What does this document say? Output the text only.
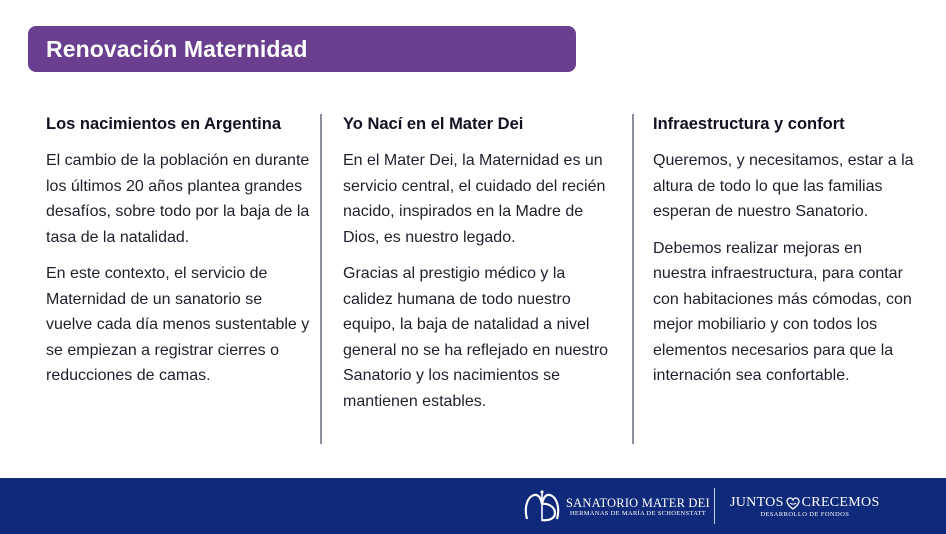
Renovación Maternidad
Los nacimientos en Argentina

El cambio de la población en durante los últimos 20 años plantea grandes desafíos, sobre todo por la baja de la tasa de la natalidad.

En este contexto, el servicio de Maternidad de un sanatorio se vuelve cada día menos sustentable y se empiezan a registrar cierres o reducciones de camas.

Yo Nací en el Mater Dei

En el Mater Dei, la Maternidad es un servicio central, el cuidado del recién nacido, inspirados en la Madre de Dios, es nuestro legado.

Gracias al prestigio médico y la calidez humana de todo nuestro equipo, la baja de natalidad a nivel general no se ha reflejado en nuestro Sanatorio y los nacimientos se mantienen estables.

Infraestructura y confort

Queremos, y necesitamos, estar a la altura de todo lo que las familias esperan de nuestro Sanatorio.

Debemos realizar mejoras en nuestra infraestructura, para contar con habitaciones más cómodas, con mejor mobiliario y con todos los elementos necesarios para que la internación sea confortable.

SANATORIO MATER DEI
HERMANAS DE MARÍA DE SCHOENSTATT
JUNTOS CRECEMOS
DESARROLLO DE FONDOS
